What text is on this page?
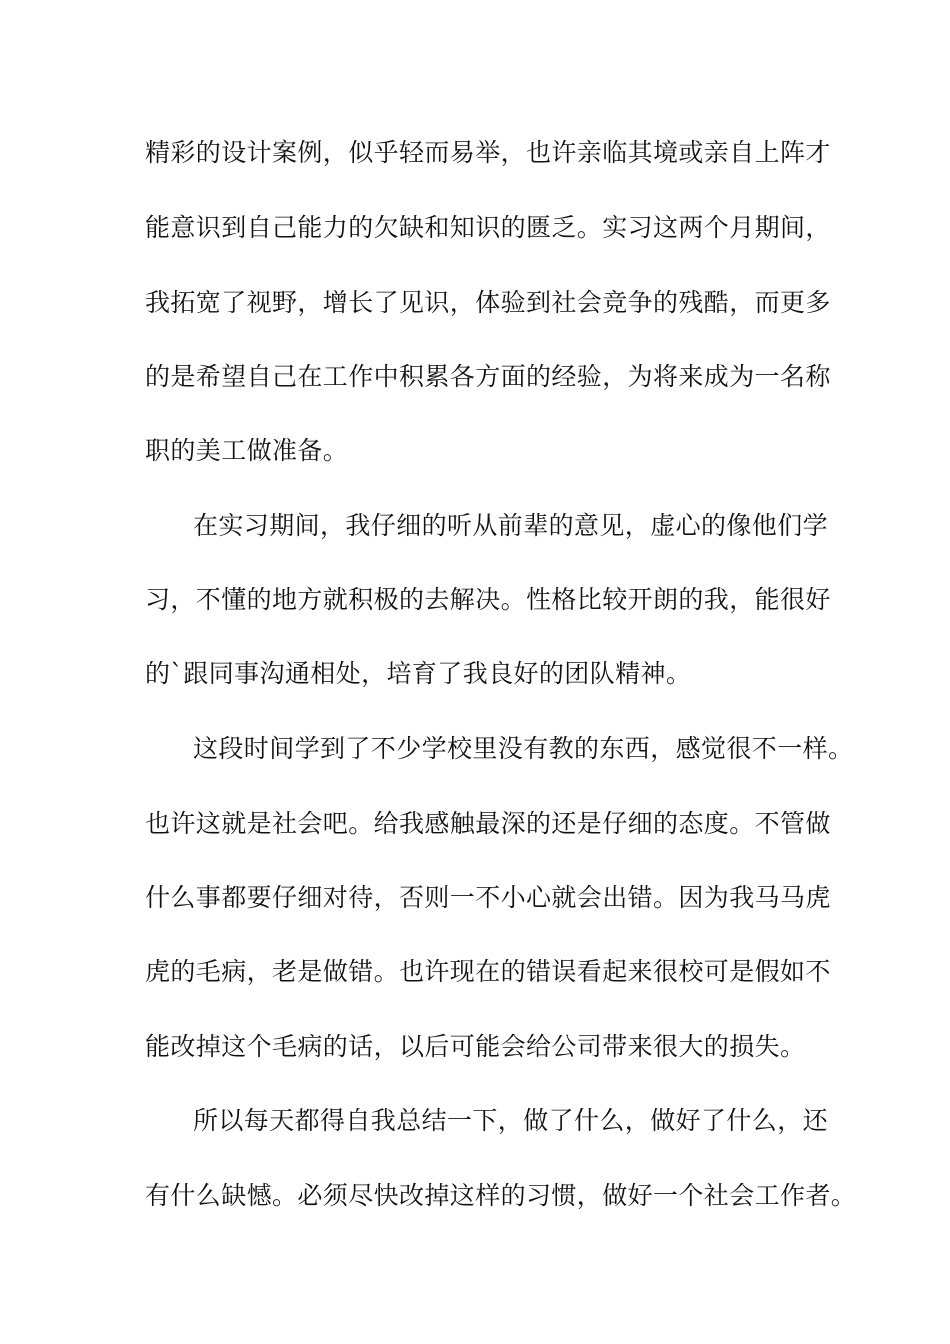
精彩的设计案例，似乎轻而易举，也许亲临其境或亲自上阵才
能意识到自己能力的欠缺和知识的匮乏。实习这两个月期间，
我拓宽了视野，增长了见识，体验到社会竞争的残酷，而更多
的是希望自己在工作中积累各方面的经验，为将来成为一名称
职的美工做准备。
在实习期间，我仔细的听从前辈的意见，虚心的像他们学
习，不懂的地方就积极的去解决。性格比较开朗的我，能很好
的`跟同事沟通相处，培育了我良好的团队精神。
这段时间学到了不少学校里没有教的东西，感觉很不一样。
也许这就是社会吧。给我感触最深的还是仔细的态度。不管做
什么事都要仔细对待，否则一不小心就会出错。因为我马马虎
虎的毛病，老是做错。也许现在的错误看起来很校可是假如不
能改掉这个毛病的话，以后可能会给公司带来很大的损失。
所以每天都得自我总结一下，做了什么，做好了什么，还
有什么缺憾。必须尽快改掉这样的习惯，做好一个社会工作者。
